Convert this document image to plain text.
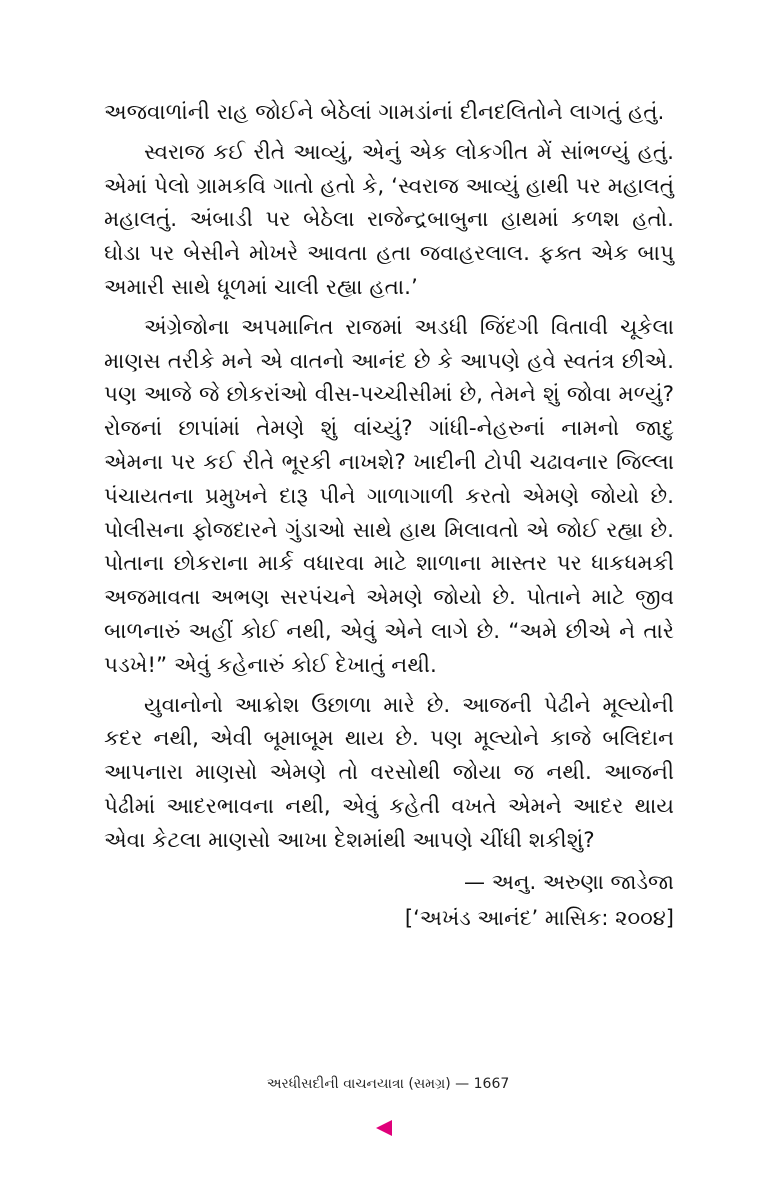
અજવાળાંની રાહ જોઈને બેઠેલાં ગામડાંનાં દીનદલિતોને લાગતું હતું.

સ્વરાજ કઈ રીતે આવ્યું, એનું એક લોકગીત મેં સાંભળ્યું હતું. એમાં પેલો ગ્રામકવિ ગાતો હતો કે, ‘સ્વરાજ આવ્યું હાથી પર મહાલતું મહાલતું. અંબાડી પર બેઠેલા રાજેન્દ્રબાબુના હાથમાં કળશ હતો. ઘોડા પર બેસીને મોખરે આવતા હતા જવાહરલાલ. ફક્ત એક બાપુ અમારી સાથે ધૂળમાં ચાલી રહ્યા હતા.’

અંગ્રેજોના અપમાનિત રાજમાં અડધી જિંદગી વિતાવી ચૂકેલા માણસ તરીકે મને એ વાતનો આનંદ છે કે આપણે હવે સ્વતંત્ર છીએ. પણ આજે જે છોકરાંઓ વીસ-પચ્ચીસીમાં છે, તેમને શું જોવા મળ્યું? રોજનાં છાપાંમાં તેમણે શું વાંચ્યું? ગાંધી-નેહરુનાં નામનો જાદુ એમના પર કઈ રીતે ભૂરકી નાખશે? ખાદીની ટોપી ચઢાવનાર જિલ્લા પંચાયતના પ્રમુખને દારૂ પીને ગાળાગાળી કરતો એમણે જોયો છે. પોલીસના ફોજદારને ગુંડાઓ સાથે હાથ મિલાવતો એ જોઈ રહ્યા છે. પોતાના છોકરાના માર્ક વધારવા માટે શાળાના માસ્તર પર ધાકધમકી અજમાવતા અભણ સરપંચને એમણે જોયો છે. પોતાને માટે જીવ બાળનારું અહીં કોઈ નથી, એવું એને લાગે છે. “અમે છીએ ને તારે પડખે!” એવું કહેનારું કોઈ દેખાતું નથી.

યુવાનોનો આક્રોશ ઉછાળા મારે છે. આજની પેઢીને મૂલ્યોની કદર નથી, એવી બૂમાબૂમ થાય છે. પણ મૂલ્યોને કાજે બલિદાન આપનારા માણસો એમણે તો વરસોથી જોયા જ નથી. આજની પેઢીમાં આદરભાવના નથી, એવું કહેતી વખતે એમને આદર થાય એવા કેટલા માણસો આખા દેશમાંથી આપણે ચીંધી શકીશું?

— અનુ. અરુણા જાડેજા
[‘અખંડ આનંદ’ માસિક: ૨૦૦૪]
અરધીસદીની વાચનયાત્રા (સમગ્ર) — 1667
